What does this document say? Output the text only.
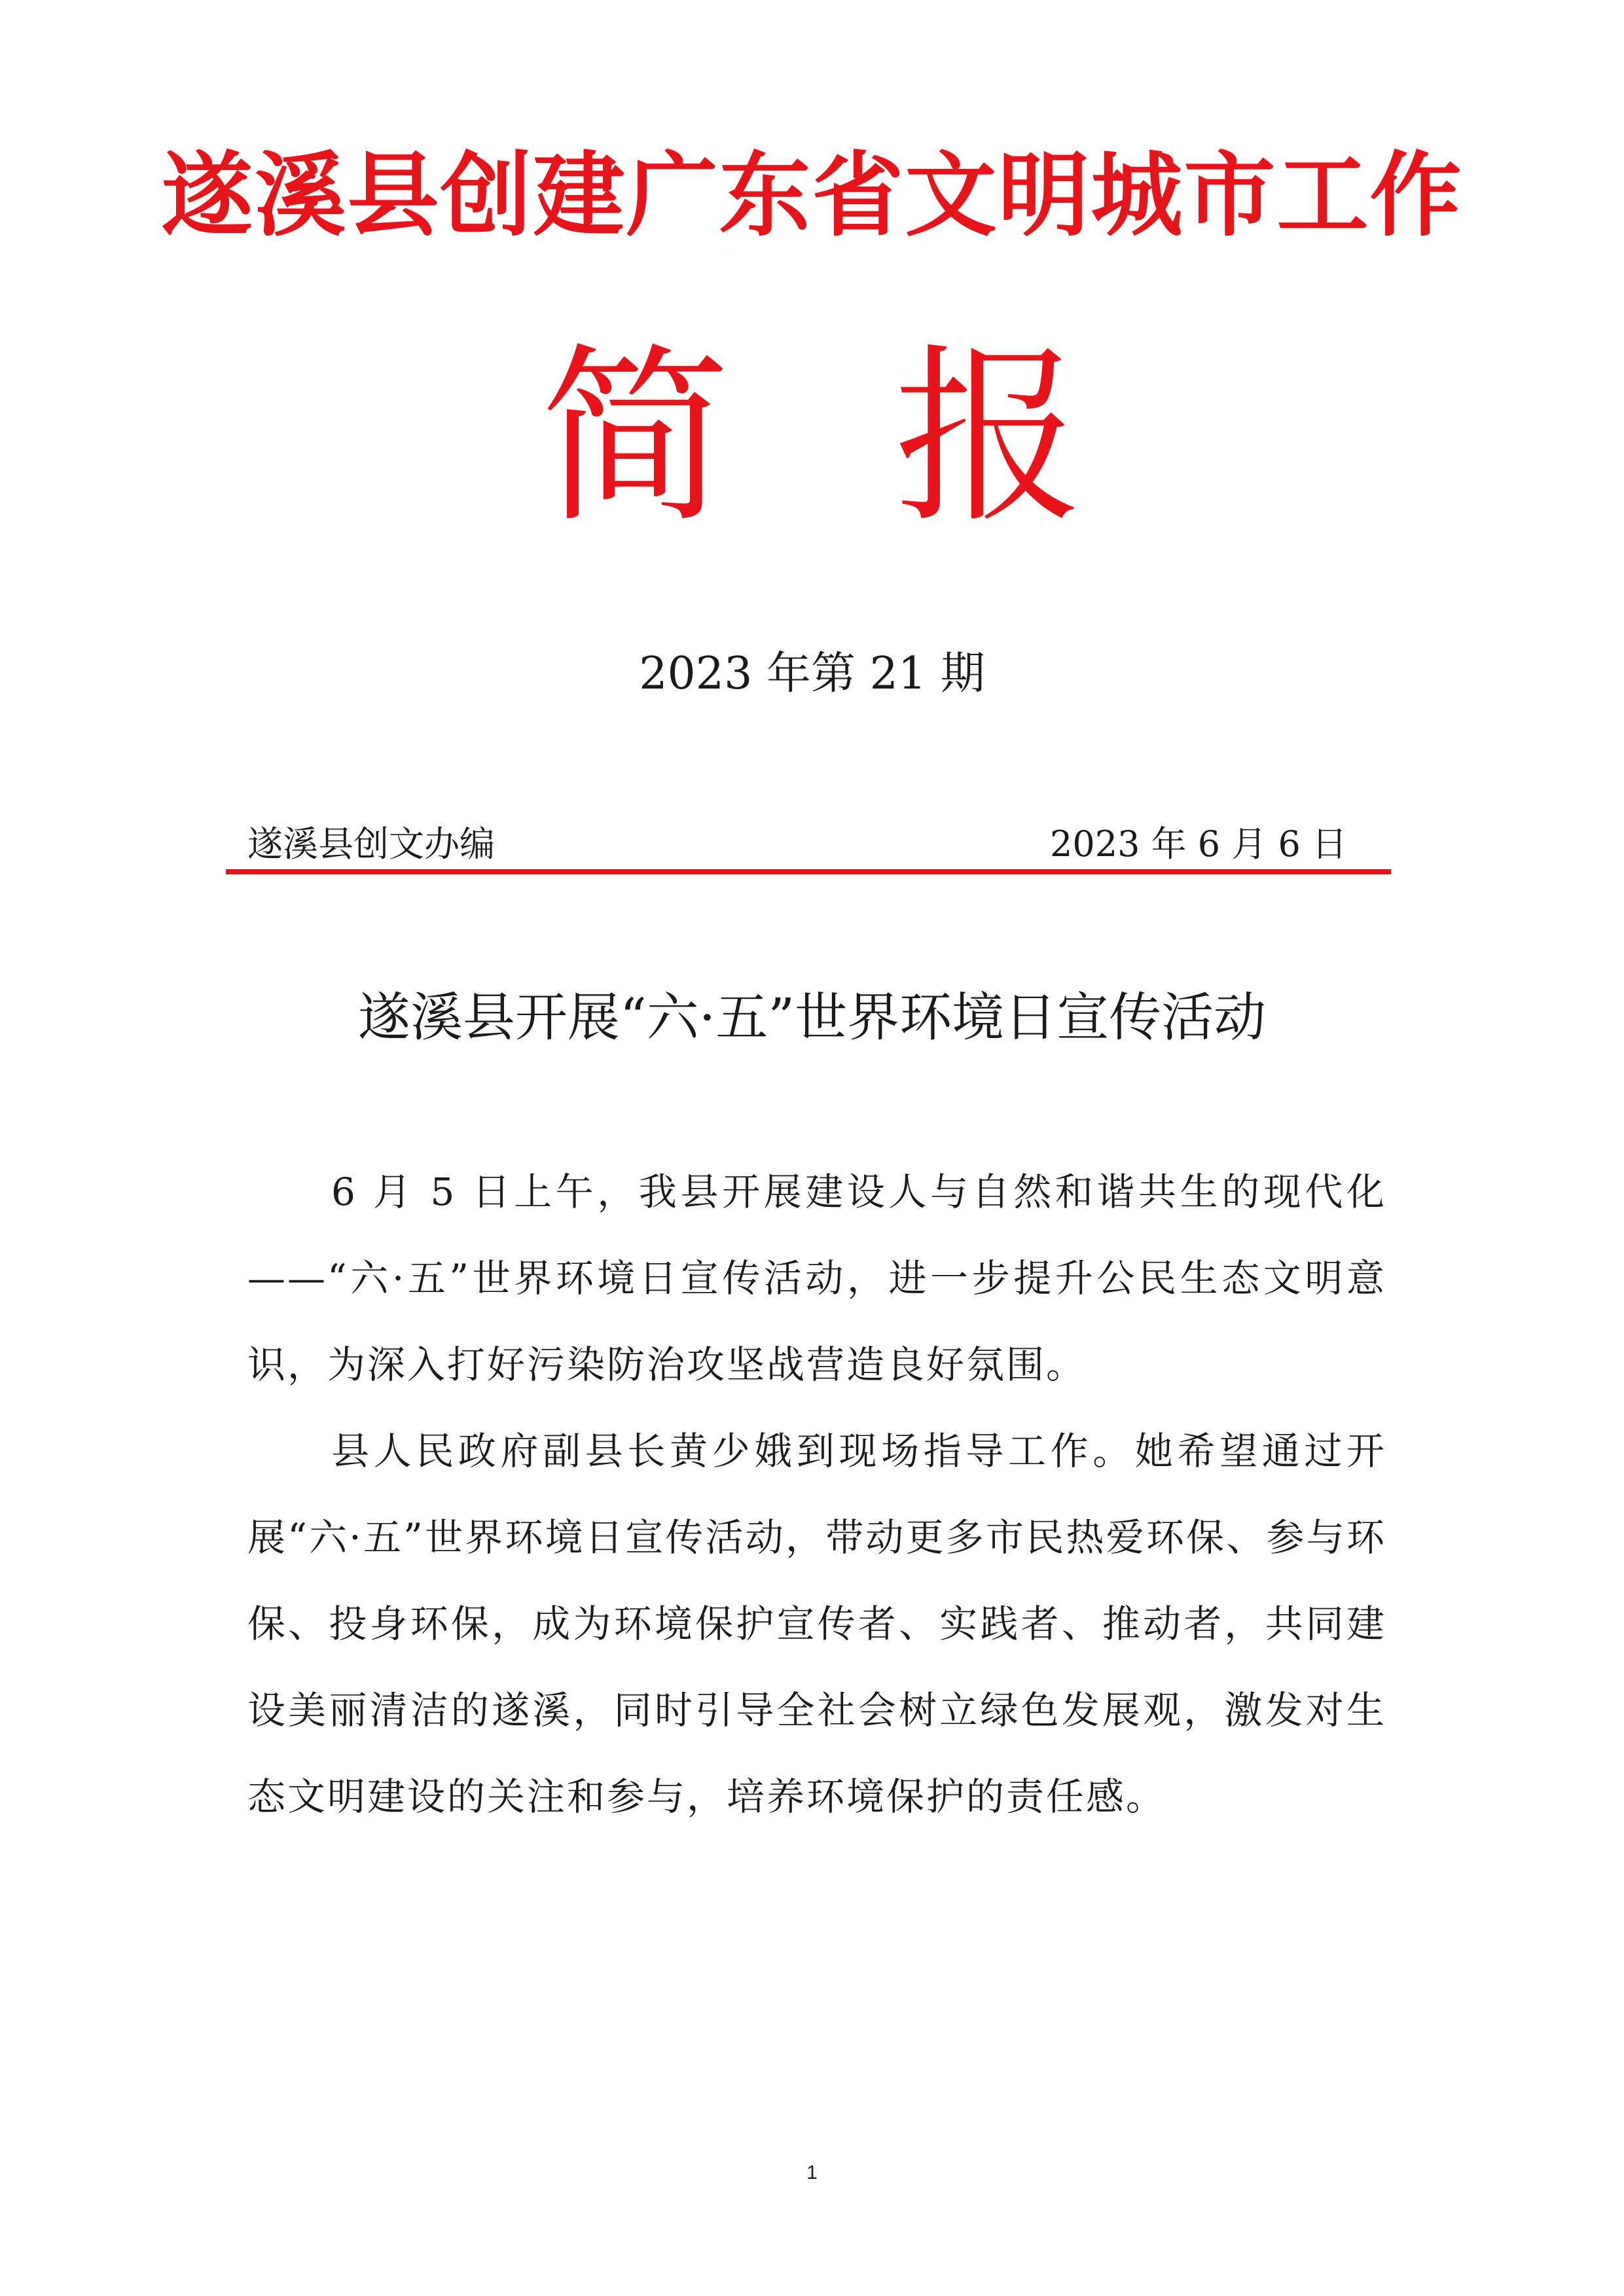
遂溪县创建广东省文明城市工作
简 报
2023 年第 21 期
遂溪县创文办编	2023 年 6 月 6 日
遂溪县开展“六·五”世界环境日宣传活动

6 月 5 日上午，我县开展建设人与自然和谐共生的现代化——“六·五”世界环境日宣传活动，进一步提升公民生态文明意识，为深入打好污染防治攻坚战营造良好氛围。

县人民政府副县长黄少娥到现场指导工作。她希望通过开展“六·五”世界环境日宣传活动，带动更多市民热爱环保、参与环保、投身环保，成为环境保护宣传者、实践者、推动者，共同建设美丽清洁的遂溪，同时引导全社会树立绿色发展观，激发对生态文明建设的关注和参与，培养环境保护的责任感。

1
